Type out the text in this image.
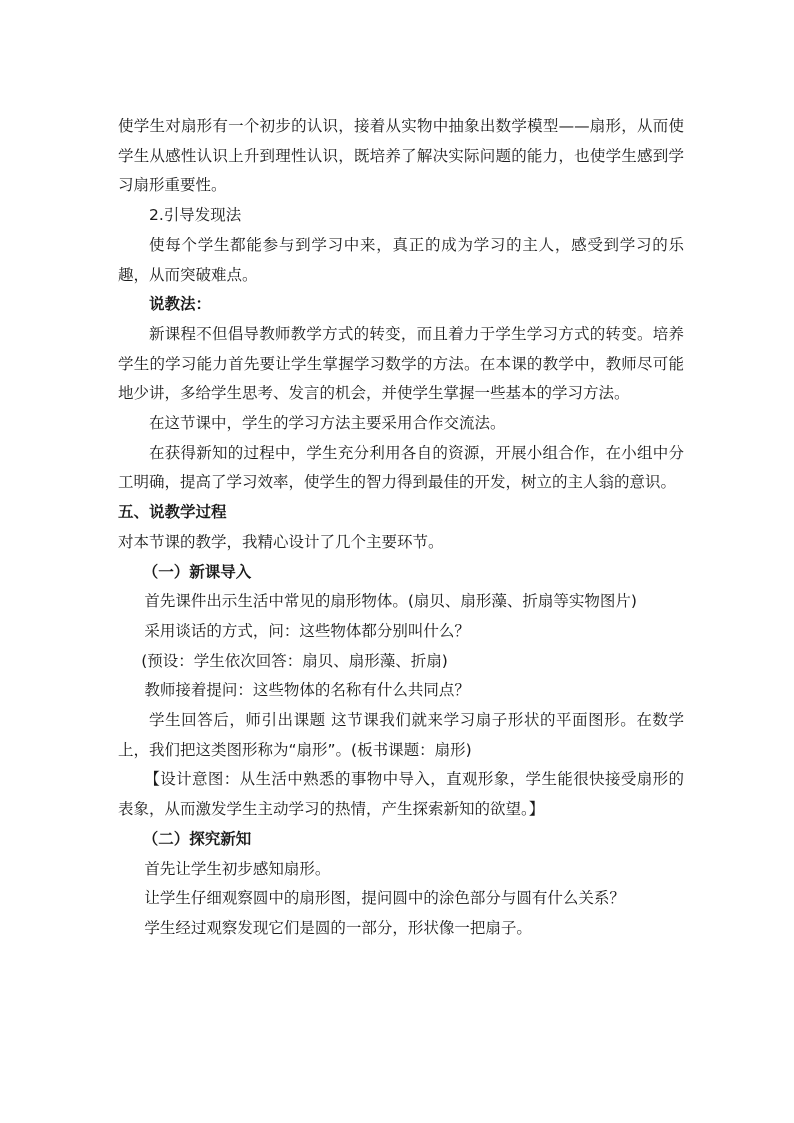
使学生对扇形有一个初步的认识，接着从实物中抽象出数学模型——扇形，从而使学生从感性认识上升到理性认识，既培养了解决实际问题的能力，也使学生感到学习扇形重要性。

2.引导发现法

使每个学生都能参与到学习中来，真正的成为学习的主人，感受到学习的乐趣，从而突破难点。

说教法：

新课程不但倡导教师教学方式的转变，而且着力于学生学习方式的转变。培养学生的学习能力首先要让学生掌握学习数学的方法。在本课的教学中，教师尽可能地少讲，多给学生思考、发言的机会，并使学生掌握一些基本的学习方法。

在这节课中，学生的学习方法主要采用合作交流法。

在获得新知的过程中，学生充分利用各自的资源，开展小组合作，在小组中分工明确，提高了学习效率，使学生的智力得到最佳的开发，树立的主人翁的意识。

五、说教学过程

对本节课的教学，我精心设计了几个主要环节。

（一）新课导入

首先课件出示生活中常见的扇形物体。(扇贝、扇形藻、折扇等实物图片)

采用谈话的方式，问：这些物体都分别叫什么？

(预设：学生依次回答：扇贝、扇形藻、折扇)

教师接着提问：这些物体的名称有什么共同点？

学生回答后，师引出课题 这节课我们就来学习扇子形状的平面图形。在数学上，我们把这类图形称为“扇形”。(板书课题：扇形)

【设计意图：从生活中熟悉的事物中导入，直观形象，学生能很快接受扇形的表象，从而激发学生主动学习的热情，产生探索新知的欲望。】

（二）探究新知

首先让学生初步感知扇形。

让学生仔细观察圆中的扇形图，提问圆中的涂色部分与圆有什么关系？

学生经过观察发现它们是圆的一部分，形状像一把扇子。
